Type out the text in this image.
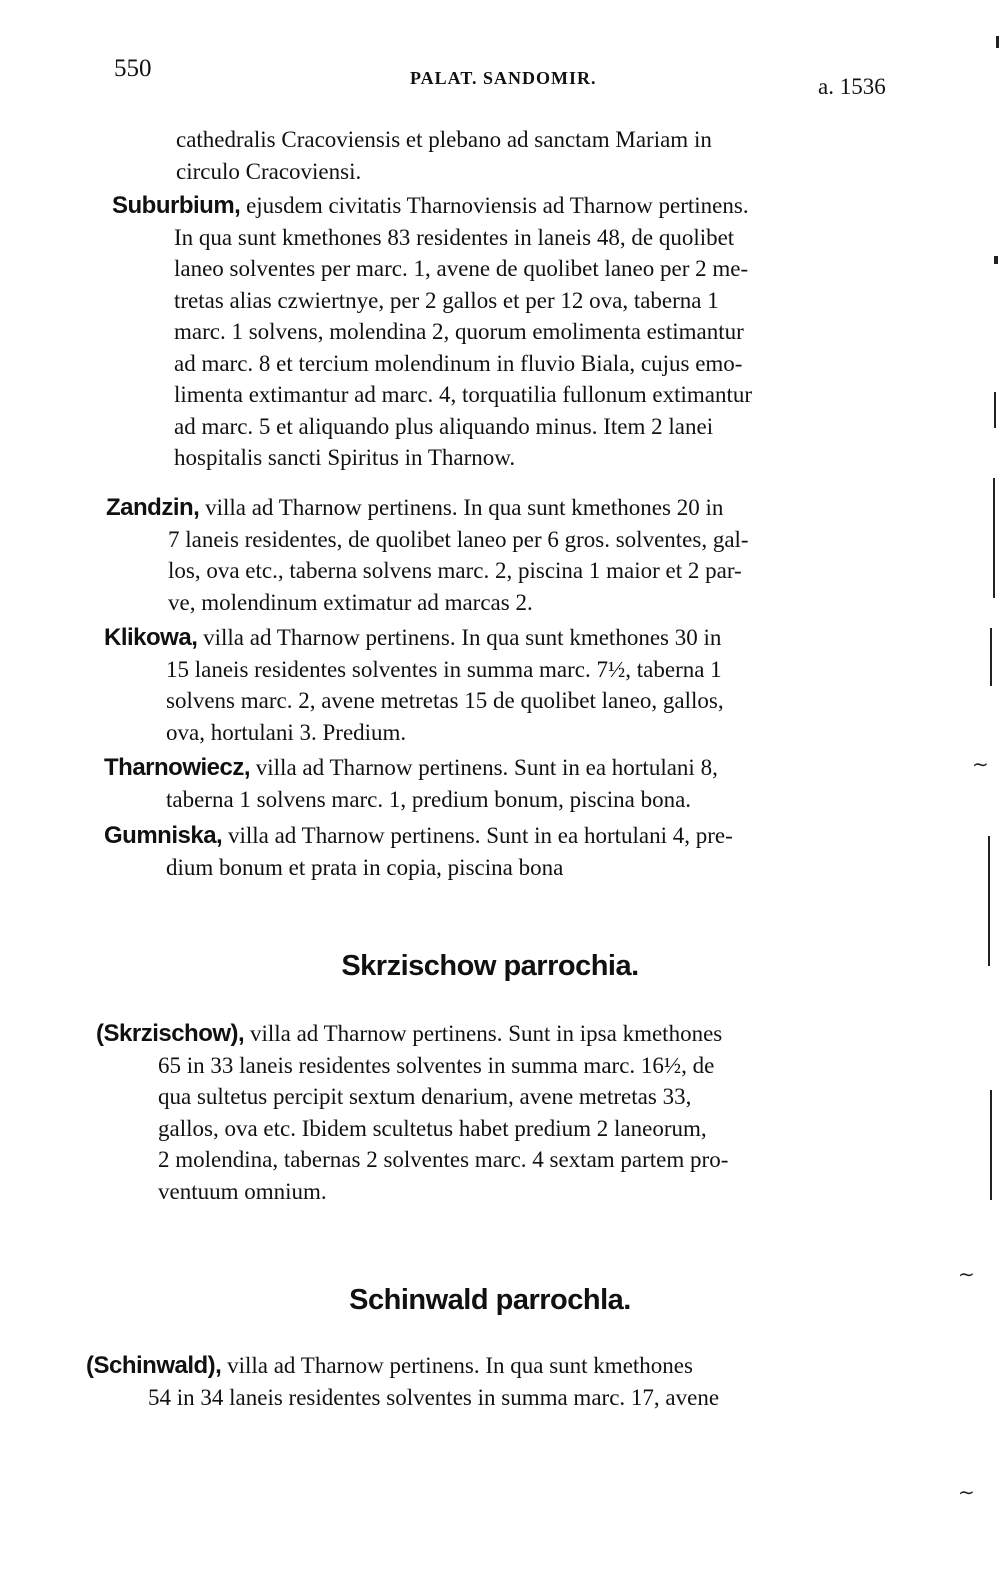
550	PALAT. SANDOMIR.	a. 1536
cathedralis Cracoviensis et plebano ad sanctam Mariam in
circulo Cracoviensi.
Suburbium, ejusdem civitatis Tharnoviensis ad Tharnow pertinens.
In qua sunt kmethones 83 residentes in laneis 48, de quolibet
laneo solventes per marc. 1, avene de quolibet laneo per 2 me-
tretas alias czwiertnye, per 2 gallos et per 12 ova, taberna 1
marc. 1 solvens, molendina 2, quorum emolimenta estimantur
ad marc. 8 et tercium molendinum in fluvio Biala, cujus emo-
limenta extimantur ad marc. 4, torquatilia fullonum extimantur
ad marc. 5 et aliquando plus aliquando minus. Item 2 lanei
hospitalis sancti Spiritus in Tharnow.
Zandzin, villa ad Tharnow pertinens. In qua sunt kmethones 20 in
7 laneis residentes, de quolibet laneo per 6 gros. solventes, gal-
los, ova etc., taberna solvens marc. 2, piscina 1 maior et 2 par-
ve, molendinum extimatur ad marcas 2.
Klikowa, villa ad Tharnow pertinens. In qua sunt kmethones 30 in
15 laneis residentes solventes in summa marc. 7½, taberna 1
solvens marc. 2, avene metretas 15 de quolibet laneo, gallos,
ova, hortulani 3. Predium.
Tharnowiecz, villa ad Tharnow pertinens. Sunt in ea hortulani 8,
taberna 1 solvens marc. 1, predium bonum, piscina bona.
Gumniska, villa ad Tharnow pertinens. Sunt in ea hortulani 4, pre-
dium bonum et prata in copia, piscina bona
Skrzischow parrochia.
(Skrzischow), villa ad Tharnow pertinens. Sunt in ipsa kmethones
65 in 33 laneis residentes solventes in summa marc. 16½, de
qua sultetus percipit sextum denarium, avene metretas 33,
gallos, ova etc. Ibidem scultetus habet predium 2 laneorum,
2 molendina, tabernas 2 solventes marc. 4 sextam partem pro-
ventuum omnium.
Schinwald parrochla.
(Schinwald), villa ad Tharnow pertinens. In qua sunt kmethones
54 in 34 laneis residentes solventes in summa marc. 17, avene
∼
∼
∼
